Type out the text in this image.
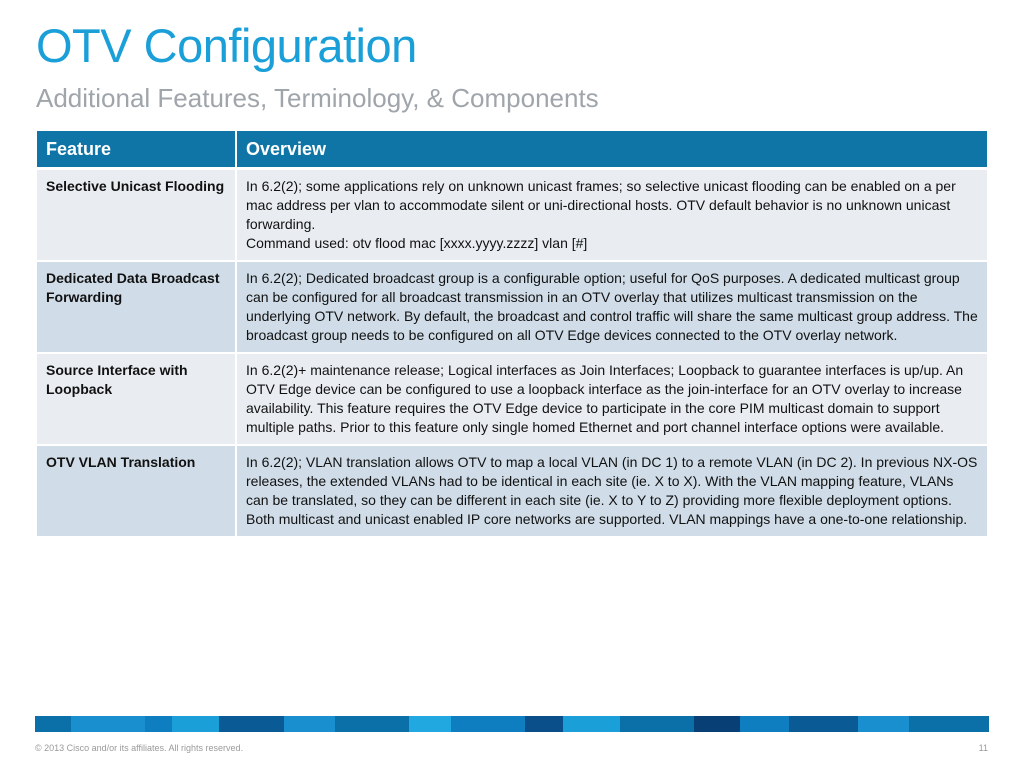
OTV Configuration
Additional Features, Terminology, & Components
Feature	Overview
Selective Unicast Flooding	In 6.2(2); some applications rely on unknown unicast frames; so selective unicast flooding can be enabled on a per mac address per vlan to accommodate silent or uni-directional hosts. OTV default behavior is no unknown unicast forwarding.
Command used: otv flood mac [xxxx.yyyy.zzzz] vlan [#]

Dedicated Data Broadcast Forwarding	In 6.2(2); Dedicated broadcast group is a configurable option; useful for QoS purposes. A dedicated multicast group can be configured for all broadcast transmission in an OTV overlay that utilizes multicast transmission on the underlying OTV network. By default, the broadcast and control traffic will share the same multicast group address. The broadcast group needs to be configured on all OTV Edge devices connected to the OTV overlay network.

Source Interface with Loopback	In 6.2(2)+ maintenance release; Logical interfaces as Join Interfaces; Loopback to guarantee interfaces is up/up. An OTV Edge device can be configured to use a loopback interface as the join-interface for an OTV overlay to increase availability. This feature requires the OTV Edge device to participate in the core PIM multicast domain to support multiple paths. Prior to this feature only single homed Ethernet and port channel interface options were available.

OTV VLAN Translation	In 6.2(2); VLAN translation allows OTV to map a local VLAN (in DC 1) to a remote VLAN (in DC 2). In previous NX-OS releases, the extended VLANs had to be identical in each site (ie. X to X). With the VLAN mapping feature, VLANs can be translated, so they can be different in each site (ie. X to Y to Z) providing more flexible deployment options. Both multicast and unicast enabled IP core networks are supported. VLAN mappings have a one-to-one relationship.
© 2013 Cisco and/or its affiliates. All rights reserved.	11
